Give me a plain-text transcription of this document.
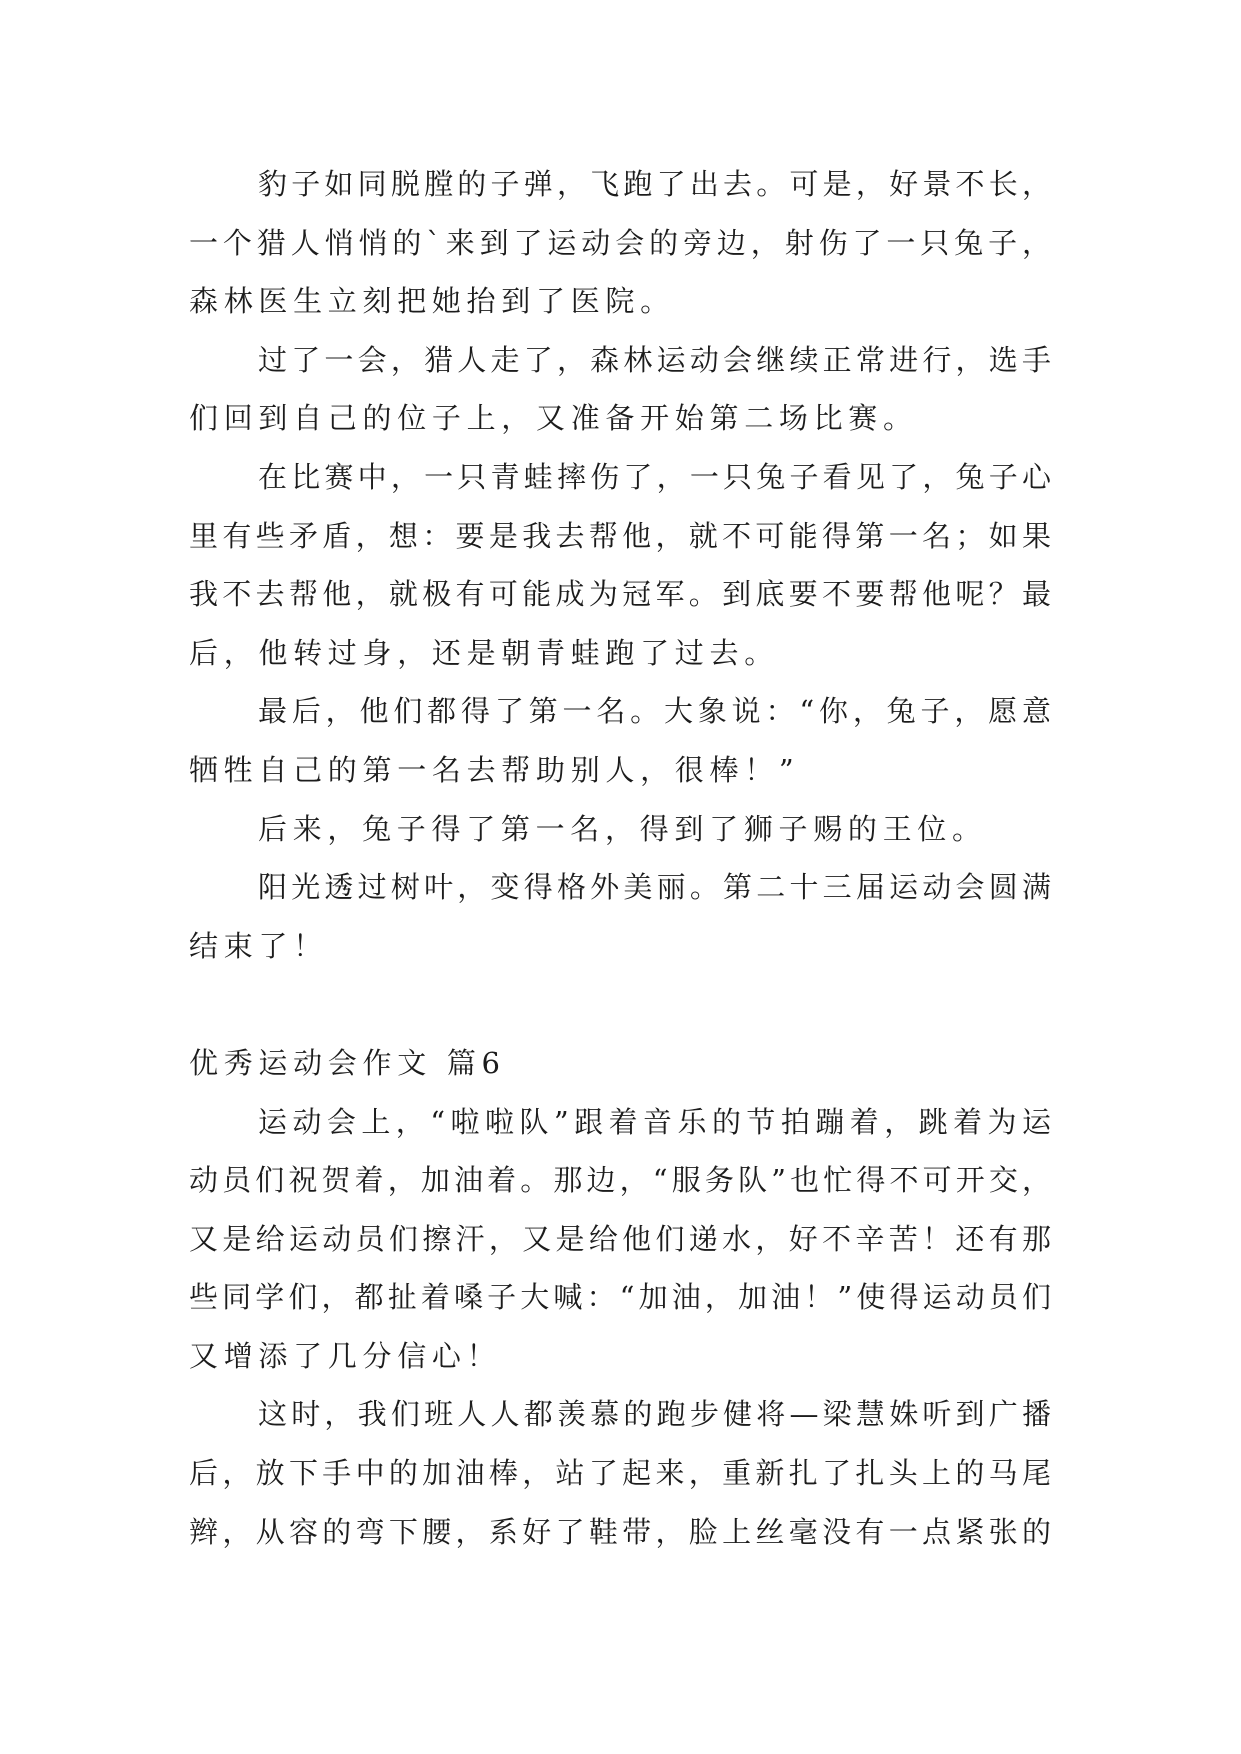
豹子如同脱膛的子弹，飞跑了出去。可是，好景不长，
一个猎人悄悄的`来到了运动会的旁边，射伤了一只兔子，
森林医生立刻把她抬到了医院。
过了一会，猎人走了，森林运动会继续正常进行，选手
们回到自己的位子上，又准备开始第二场比赛。
在比赛中，一只青蛙摔伤了，一只兔子看见了，兔子心
里有些矛盾，想：要是我去帮他，就不可能得第一名；如果
我不去帮他，就极有可能成为冠军。到底要不要帮他呢？最
后，他转过身，还是朝青蛙跑了过去。
最后，他们都得了第一名。大象说：“你，兔子，愿意
牺牲自己的第一名去帮助别人，很棒！”
后来，兔子得了第一名，得到了狮子赐的王位。
阳光透过树叶，变得格外美丽。第二十三届运动会圆满
结束了！
优秀运动会作文 篇6
运动会上，“啦啦队”跟着音乐的节拍蹦着，跳着为运
动员们祝贺着，加油着。那边，“服务队”也忙得不可开交，
又是给运动员们擦汗，又是给他们递水，好不辛苦！还有那
些同学们，都扯着嗓子大喊：“加油，加油！”使得运动员们
又增添了几分信心！
这时，我们班人人都羡慕的跑步健将—梁慧姝听到广播
后，放下手中的加油棒，站了起来，重新扎了扎头上的马尾
辫，从容的弯下腰，系好了鞋带，脸上丝毫没有一点紧张的
